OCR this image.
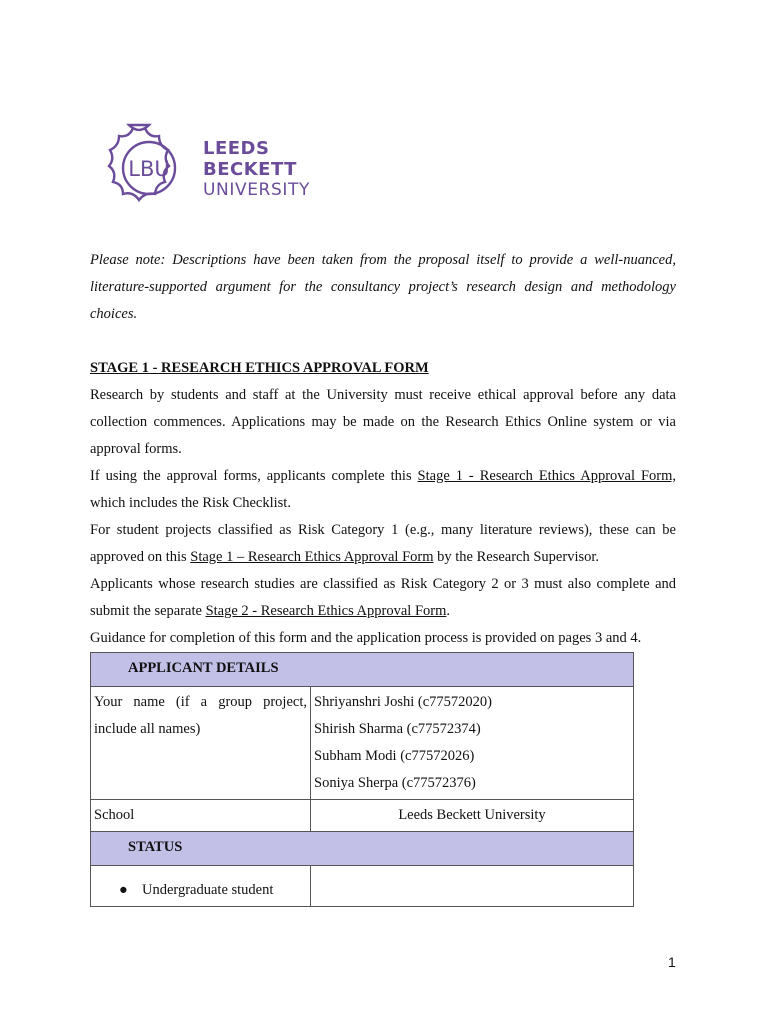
LBU
LEEDS
BECKETT
UNIVERSITY

Please note: Descriptions have been taken from the proposal itself to provide a well-nuanced, literature-supported argument for the consultancy project’s research design and methodology choices.

STAGE 1 - RESEARCH ETHICS APPROVAL FORM

Research by students and staff at the University must receive ethical approval before any data collection commences. Applications may be made on the Research Ethics Online system or via approval forms.

If using the approval forms, applicants complete this Stage 1 - Research Ethics Approval Form, which includes the Risk Checklist.

For student projects classified as Risk Category 1 (e.g., many literature reviews), these can be approved on this Stage 1 – Research Ethics Approval Form by the Research Supervisor.

Applicants whose research studies are classified as Risk Category 2 or 3 must also complete and submit the separate Stage 2 - Research Ethics Approval Form.

Guidance for completion of this form and the application process is provided on pages 3 and 4.

APPLICANT DETAILS	
Your name (if a group project, include all names)	Shriyanshri Joshi (c77572020)
Shirish Sharma (c77572374)
Subham Modi (c77572026)
Soniya Sherpa (c77572376)

School	Leeds Beckett University
STATUS	
● Undergraduate student	
1
